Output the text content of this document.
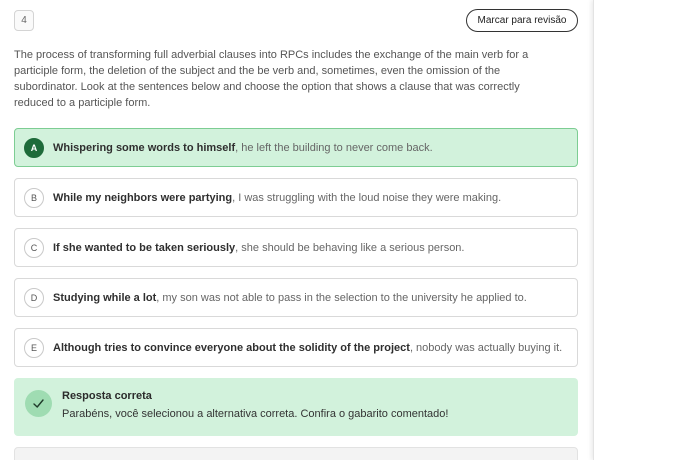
4	Marcar para revisão

The process of transforming full adverbial clauses into RPCs includes the exchange of the main verb for a participle form, the deletion of the subject and the be verb and, sometimes, even the omission of the subordinator. Look at the sentences below and choose the option that shows a clause that was correctly reduced to a participle form.

A	Whispering some words to himself, he left the building to never come back.
B	While my neighbors were partying, I was struggling with the loud noise they were making.
C	If she wanted to be taken seriously, she should be behaving like a serious person.
D	Studying while a lot, my son was not able to pass in the selection to the university he applied to.
E	Although tries to convince everyone about the solidity of the project, nobody was actually buying it.
Resposta correta
Parabéns, você selecionou a alternativa correta. Confira o gabarito comentado!
